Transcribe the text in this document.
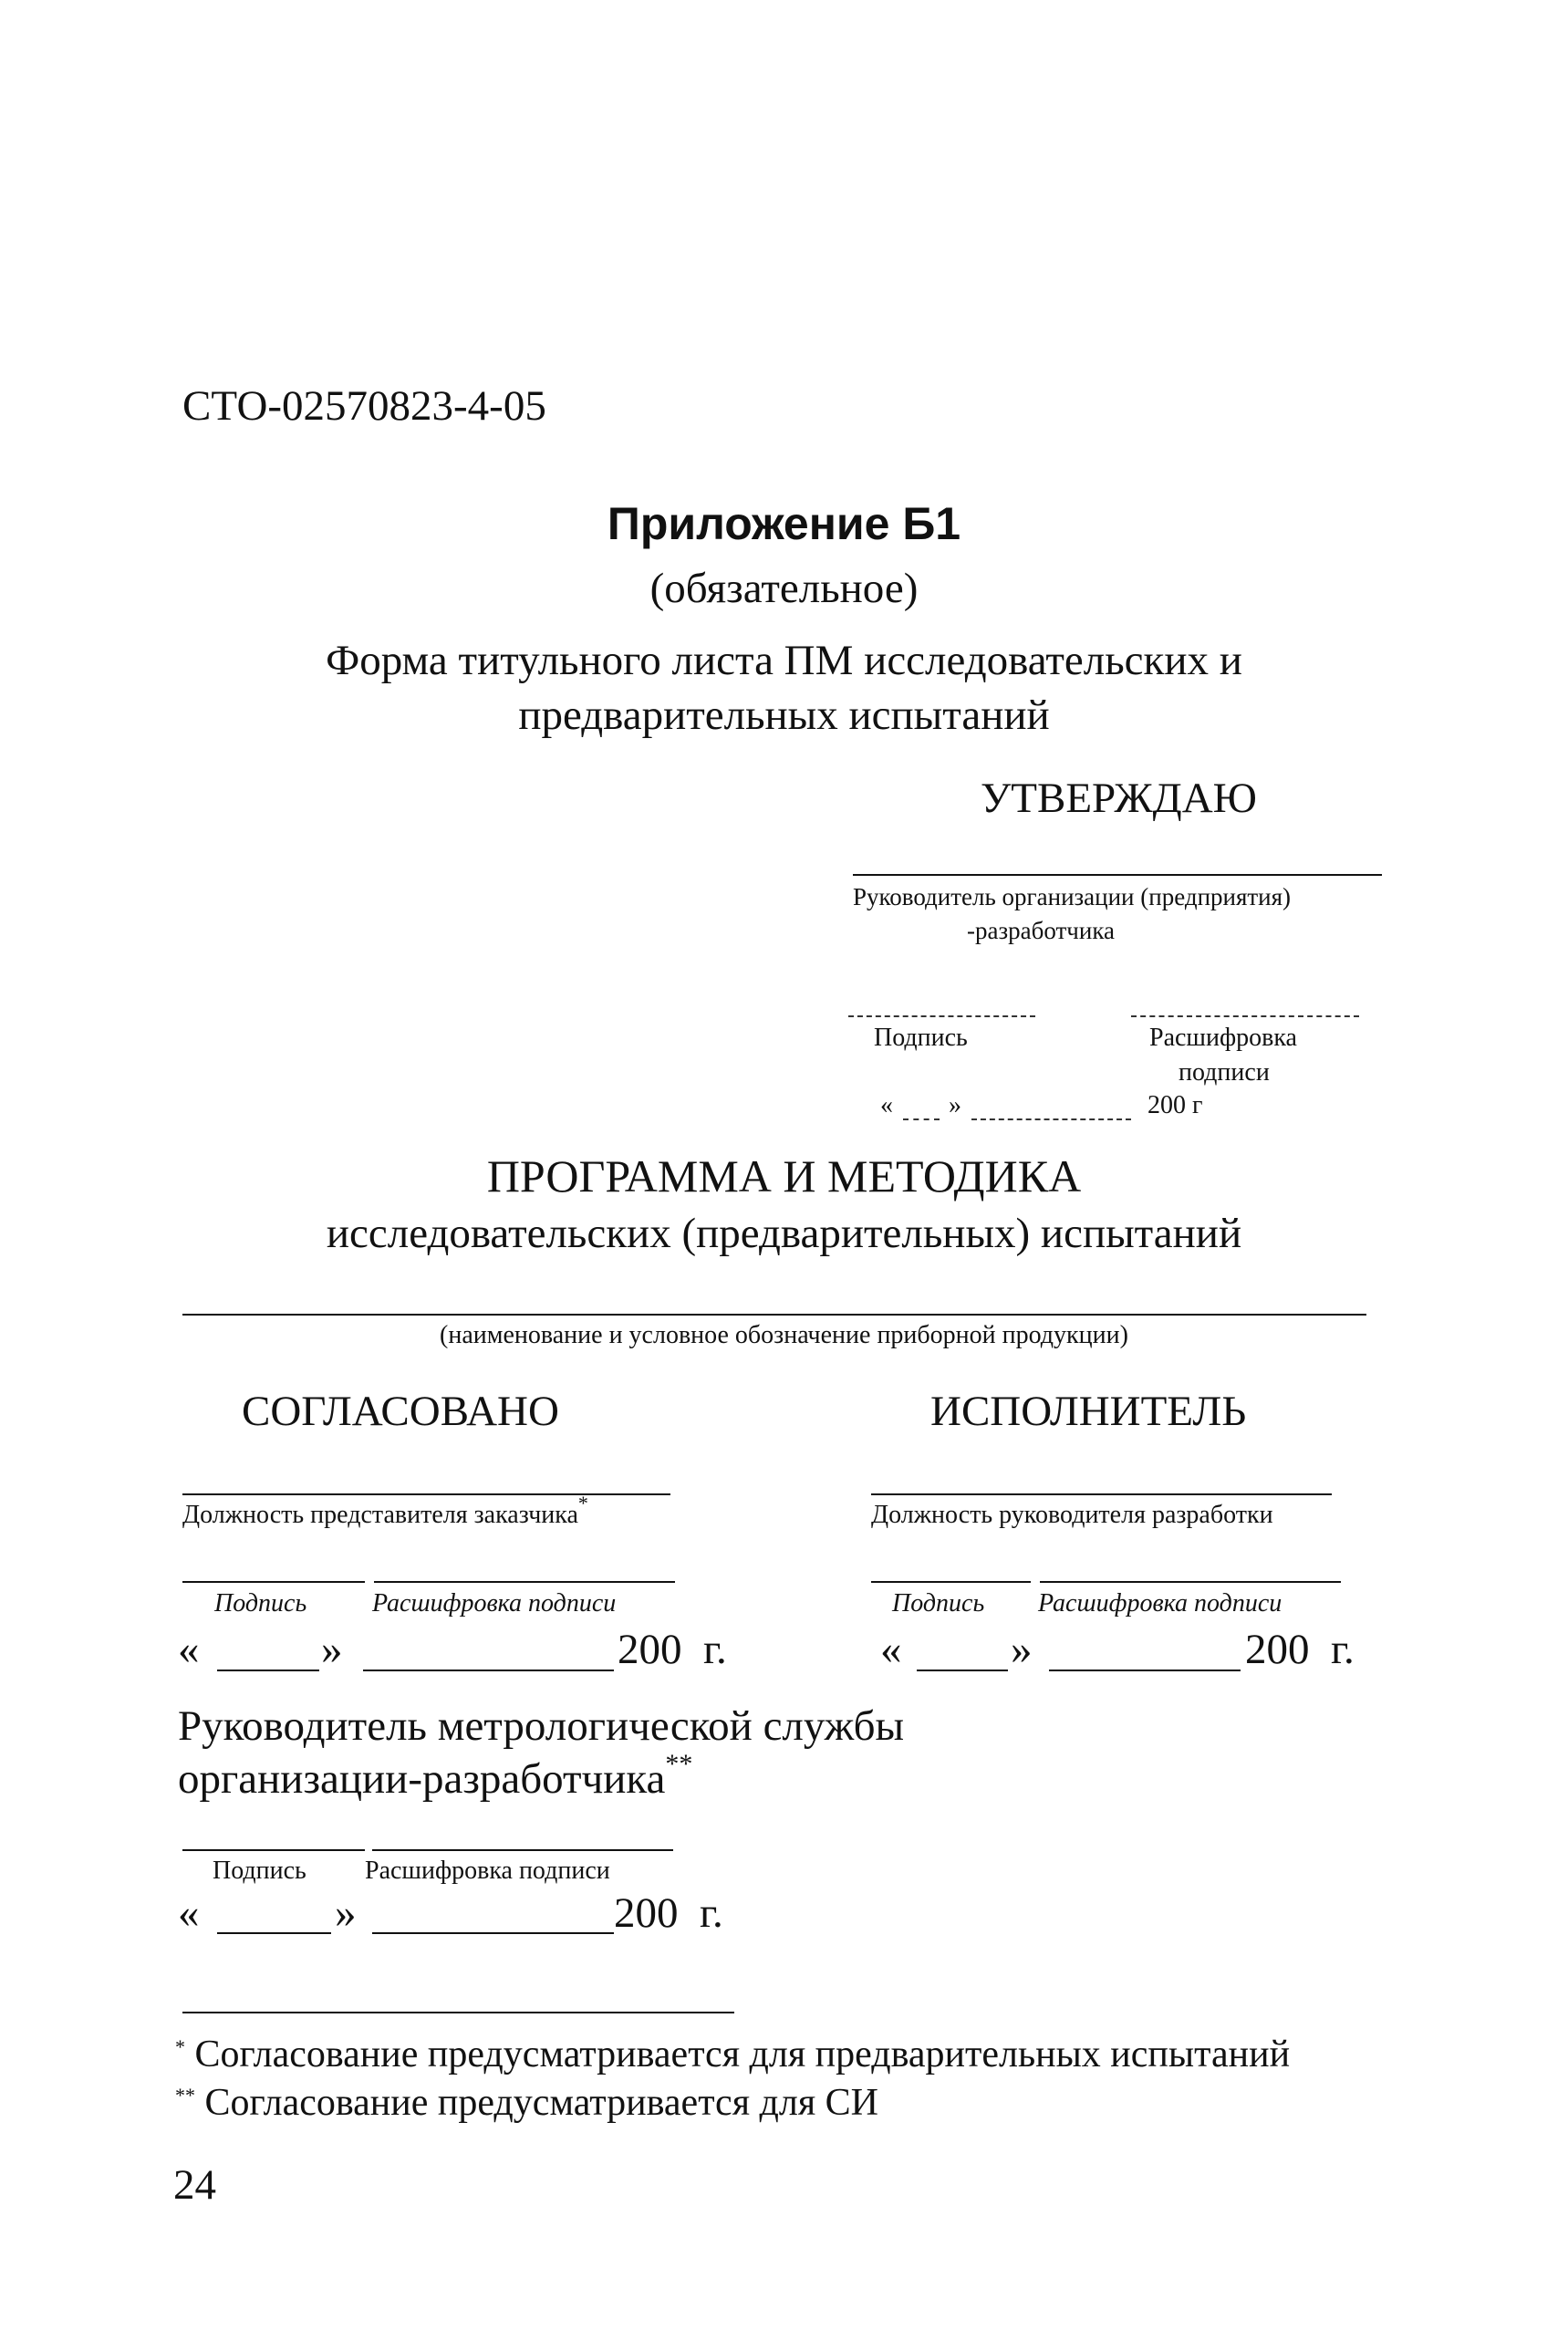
СТО-02570823-4-05
Приложение Б1
(обязательное)
Форма титульного листа ПМ исследовательских и
предварительных испытаний
УТВЕРЖДАЮ
Руководитель организации (предприятия)
-разработчика
Подпись	Расшифровка
подписи
« »	200 г
ПРОГРАММА И МЕТОДИКА
исследовательских (предварительных) испытаний
(наименование и условное обозначение приборной продукции)
СОГЛАСОВАНО
Должность представителя заказчика*
Подпись	Расшифровка подписи
«	»	200  г.
ИСПОЛНИТЕЛЬ
Должность руководителя разработки
Подпись Расшифровка подписи
«	»	200  г.
Руководитель метрологической службы
организации-разработчика**
Подпись Расшифровка подписи
«	»	200  г.
* Согласование предусматривается для предварительных испытаний
** Согласование предусматривается для СИ
24
